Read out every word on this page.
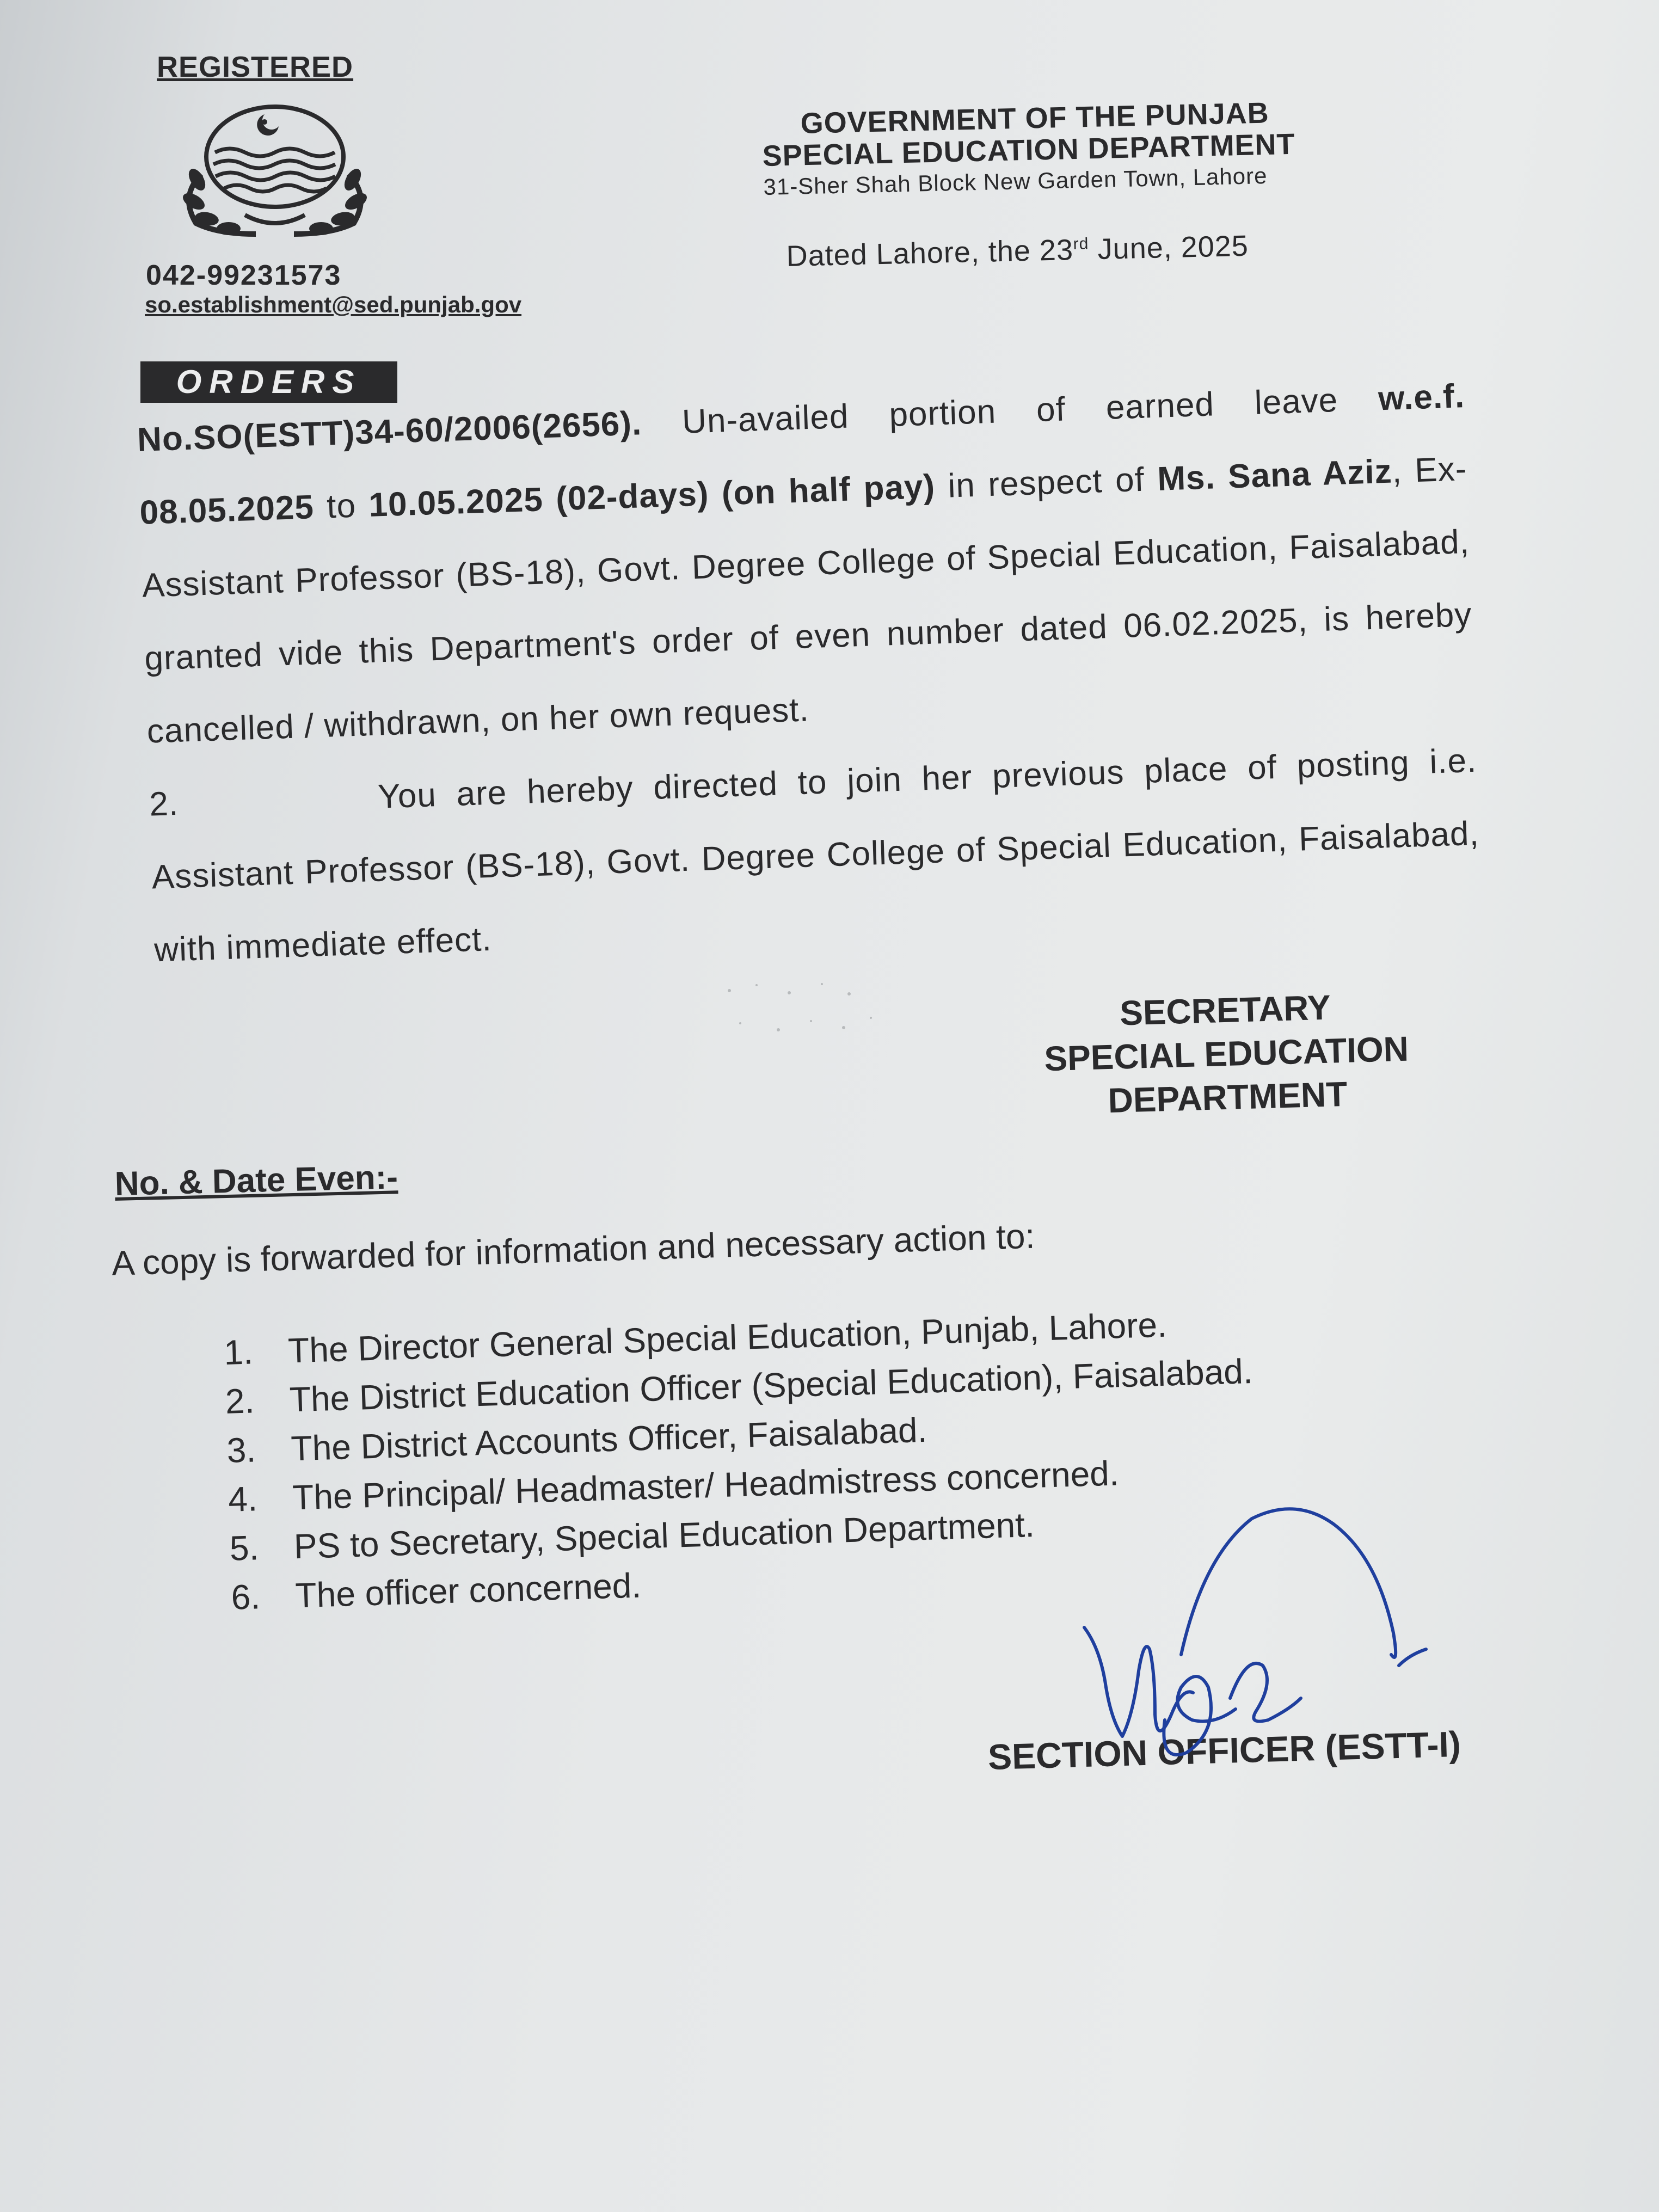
REGISTERED
042-99231573
so.establishment@sed.punjab.gov
GOVERNMENT OF THE PUNJAB
SPECIAL EDUCATION DEPARTMENT
31-Sher Shah Block New Garden Town, Lahore
Dated Lahore, the 23rd June, 2025
ORDERS
No.SO(ESTT)34-60/2006(2656). Un-availed portion of earned leave w.e.f. 08.05.2025 to 10.05.2025 (02-days) (on half pay) in respect of Ms. Sana Aziz, Ex-Assistant Professor (BS-18), Govt. Degree College of Special Education, Faisalabad, granted vide this Department's order of even number dated 06.02.2025, is hereby cancelled / withdrawn, on her own request.
2.	You are hereby directed to join her previous place of posting i.e. Assistant Professor (BS-18), Govt. Degree College of Special Education, Faisalabad, with immediate effect.
SECRETARY
SPECIAL EDUCATION
DEPARTMENT
No. & Date Even:-
A copy is forwarded for information and necessary action to:
1. The Director General Special Education, Punjab, Lahore.
2. The District Education Officer (Special Education), Faisalabad.
3. The District Accounts Officer, Faisalabad.
4. The Principal/ Headmaster/ Headmistress concerned.
5. PS to Secretary, Special Education Department.
6. The officer concerned.
SECTION OFFICER (ESTT-I)
